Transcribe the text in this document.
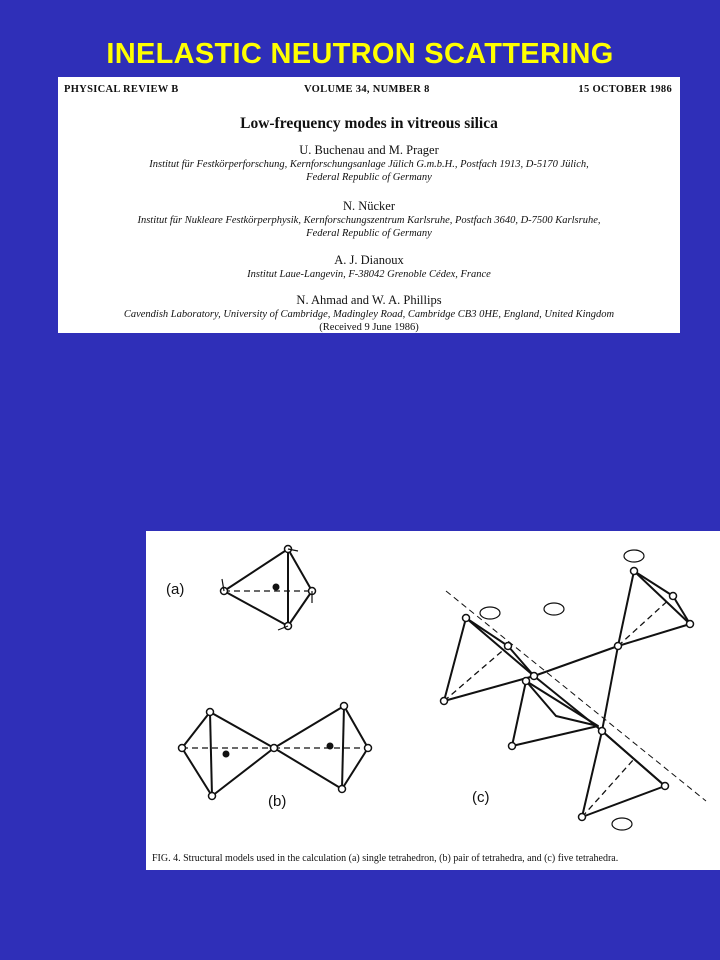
INELASTIC NEUTRON SCATTERING
PHYSICAL REVIEW B	VOLUME 34, NUMBER 8	15 OCTOBER 1986
Low-frequency modes in vitreous silica
U. Buchenau and M. Prager
Institut für Festkörperforschung, Kernforschungsanlage Jülich G.m.b.H., Postfach 1913, D-5170 Jülich,
Federal Republic of Germany
N. Nücker
Institut für Nukleare Festkörperphysik, Kernforschungszentrum Karlsruhe, Postfach 3640, D-7500 Karlsruhe,
Federal Republic of Germany
A. J. Dianoux
Institut Laue-Langevin, F-38042 Grenoble Cédex, France
N. Ahmad and W. A. Phillips
Cavendish Laboratory, University of Cambridge, Madingley Road, Cambridge CB3 0HE, England, United Kingdom
(Received 9 June 1986)
(a)
(b)	(c)
FIG. 4. Structural models used in the calculation (a) single tetrahedron, (b) pair of tetrahedra, and (c) five tetrahedra.
